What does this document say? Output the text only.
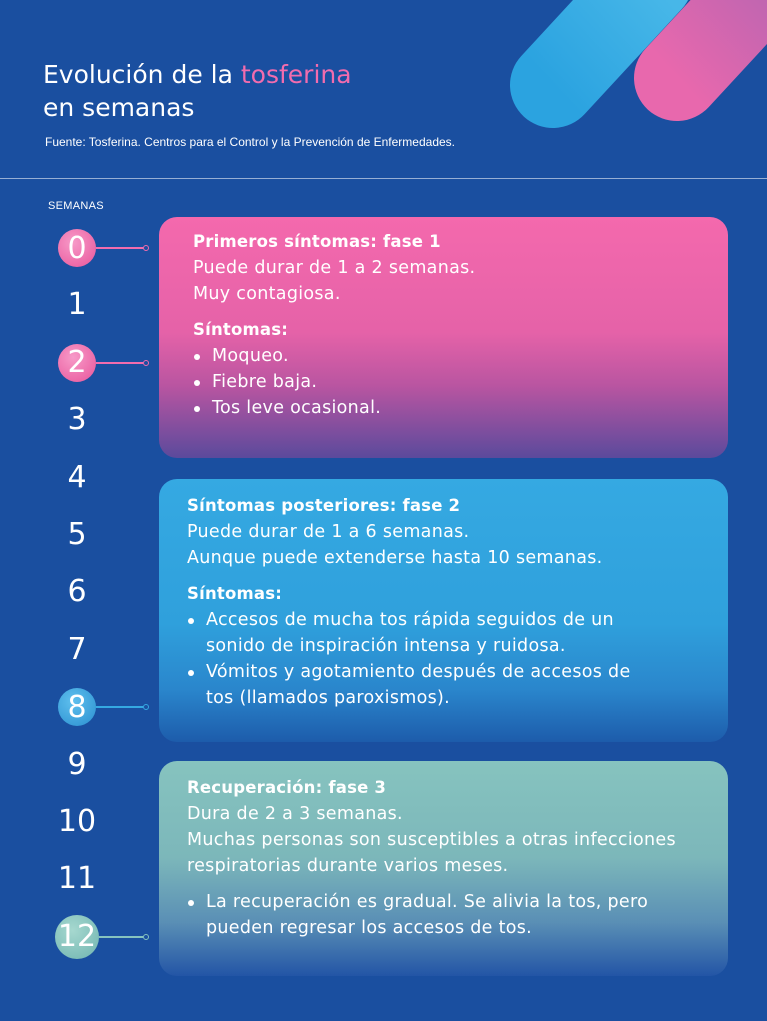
Evolución de la tosferina
en semanas
Fuente: Tosferina. Centros para el Control y la Prevención de Enfermedades.
SEMANAS
0
1
2
3
4
5
6
7
8
9
10
11
12
Primeros síntomas: fase 1
Puede durar de 1 a 2 semanas.
Muy contagiosa.
Síntomas:
Moqueo.
Fiebre baja.
Tos leve ocasional.
Síntomas posteriores: fase 2
Puede durar de 1 a 6 semanas.
Aunque puede extenderse hasta 10 semanas.
Síntomas:
Accesos de mucha tos rápida seguidos de un sonido de inspiración intensa y ruidosa.
Vómitos y agotamiento después de accesos de tos (llamados paroxismos).
Recuperación: fase 3
Dura de 2 a 3 semanas.
Muchas personas son susceptibles a otras infecciones respiratorias durante varios meses.
La recuperación es gradual. Se alivia la tos, pero pueden regresar los accesos de tos.
